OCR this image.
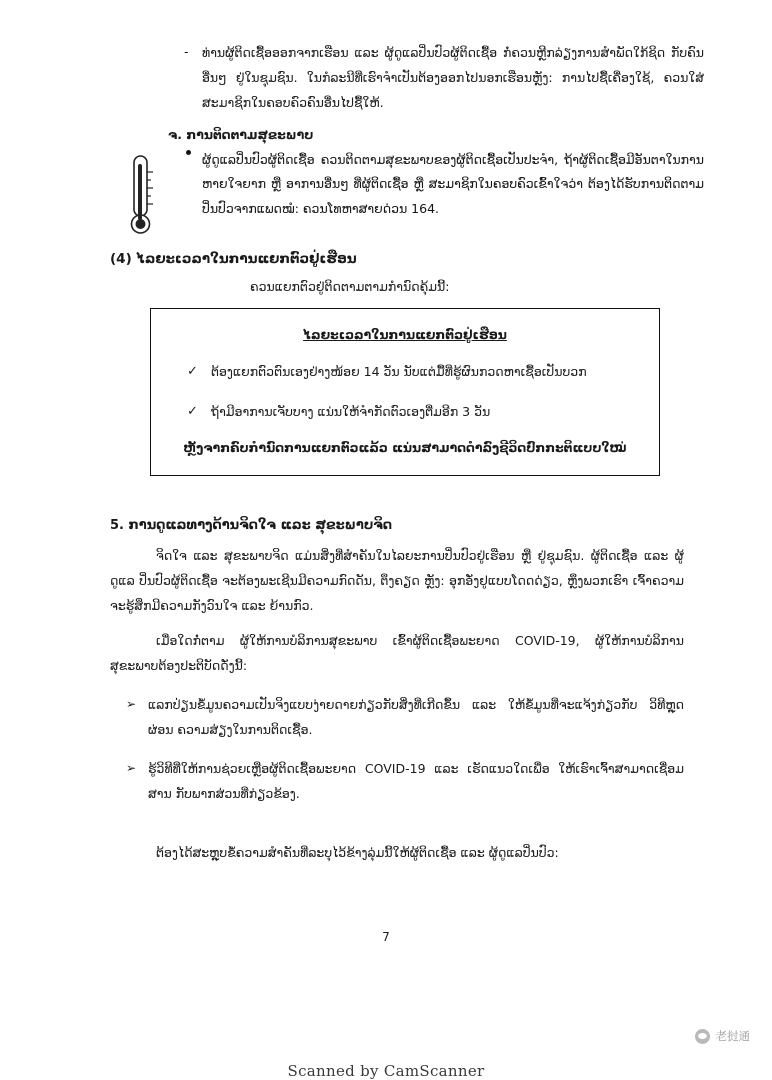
- ທ່ານຜູ້ຕິດເຊື້ອອອກຈາກເຮືອນ ແລະ ຜູ້ດູແລປິ່ນປົວຜູ້ຕິດເຊື້ອ ກໍ່ຄວນຫຼີກລ່ຽງການສໍາພັດໃກ້ຊິດ ກັບຄົນອື່ນໆ ຢູ່ໃນຊຸມຊົນ. ໃນກໍລະນີທີ່ເຮົາຈໍາເປັນຕ້ອງອອກໄປນອກເຮືອນຫຼັງ: ການໄປຊື້ເຄື່ອງໃຊ້, ຄວນໃສ່ ສະມາຊິກໃນຄອບຄົວຄົນອື່ນໄປຊື້ໃຫ້.
ຈ. ການຕິດຕາມສຸຂະພາບ
ຜູ້ດູແລປິ່ນປົວຜູ້ຕິດເຊື້ອ ຄວນຕິດຕາມສຸຂະພາບຂອງຜູ້ຕິດເຊື້ອເປັນປະຈໍາ, ຖ້າຜູ້ຕິດເຊື້ອມີອັນຕາໃນການ ຫາຍໃຈຍາກ ຫຼື ອາການອື່ນໆ ທີ່ຜູ້ຕິດເຊື້ອ ຫຼື ສະມາຊິກໃນຄອບຄົວເຂົ້າໃຈວ່າ ຕ້ອງໄດ້ຮັບການຕິດຕາມ ປິ່ນປົວຈາກແພດໝໍ: ຄວນໂທຫາສາຍດ່ວນ 164.
(4) ໄລຍະເວລາໃນການແຍກຕົວຢູ່ເຮືອນ
ຄວນແຍກຕົວຢູ່ຕິດຕາມຕາມກໍານົດຄຸ້ມນີ້:
ໄລຍະເວລາໃນການແຍກຕົວຢູ່ເຮືອນ
✓ ຕ້ອງແຍກຕົວຕົນເອງຢ່າງໜ້ອຍ 14 ວັນ ນັບແຕ່ມື້ທີ່ຮູ້ຜົນກວດຫາເຊື້ອເປັນບວກ
✓ ຖ້າມີອາການເຈັບບາງ ແນ່ນໃຫ້ຈຳກັດຕົວເອງຕື່ມອີກ 3 ວັນ
ຫຼັງຈາກຄົບກໍານົດການແຍກຕົວແລ້ວ ແນ່ນສາມາດດໍາລົງຊີວິດປົກກະຕິແບບໃໝ່
5. ການດູແລທາງດ້ານຈິດໃຈ ແລະ ສຸຂະພາບຈິດ
ຈິດໃຈ ແລະ ສຸຂະພາບຈິດ ແມ່ນສິ່ງທີ່ສໍາຄັນໃນໄລຍະການປິ່ນປົວຢູ່ເຮືອນ ຫຼື ຢູ່ຊຸມຊົນ. ຜູ້ຕິດເຊື້ອ ແລະ ຜູ້ດູແລ ປິ່ນປົວຜູ້ຕິດເຊື້ອ ຈະຕ້ອງພະເຊີນມີຄວາມກົດດັນ, ຕຶງຄຽດ ຫຼັງ: ອຸກອັ່ງຢູແບບໂດດດ່ຽວ, ຫຼຶງພວກເຮົາ ເຈົ້າຄວາມຈະຮູ້ສຶກມີຄວາມກັງວົນໃຈ ແລະ ຍ້ານກົວ.
ເມື່ອໃດກໍ່ຕາມ ຜູ້ໃຫ້ການບໍລິການສຸຂະພາບ ເຂົ້າຜູ້ຕິດເຊື້ອພະຍາດ COVID-19, ຜູ້ໃຫ້ການບໍລິການ ສຸຂະພາບຕ້ອງປະຕິບັດດັ່ງນີ້:
➢ ແລກປ່ຽນຂໍ້ມູນຄວາມເປັນຈິງແບບງ່າຍດາຍກ່ຽວກັບສິ່ງທີ່ເກີດຂຶ້ນ ແລະ ໃຫ້ຂໍ້ມູນທີ່ຈະແຈ້ງກ່ຽວກັບ ວິທີຫຼຸດຜ່ອນ ຄວາມສ່ຽງໃນການຕິດເຊື້ອ.
➢ ຮູ້ວິທີທີ່ໃຫ້ການຊ່ວຍເຫຼືອຜູ້ຕິດເຊື້ອພະຍາດ COVID-19 ແລະ ເຮັດແນວໃດເພື່ອ ໃຫ້ເຮົາເຈົ້າສາມາດເຊື່ອມສານ ກັບພາກສ່ວນທີ່ກ່ຽວຂ້ອງ.
ຕ້ອງໄດ້ສະຫຼຸບຂໍ້ຄວາມສໍາຄັນທີ່ລະບຸໄວ້ຂ້າງລຸ່ມນີ້ໃຫ້ຜູ້ຕິດເຊື້ອ ແລະ ຜູ້ດູແລປິ່ນປົວ:
7
老挝通
Scanned by CamScanner
